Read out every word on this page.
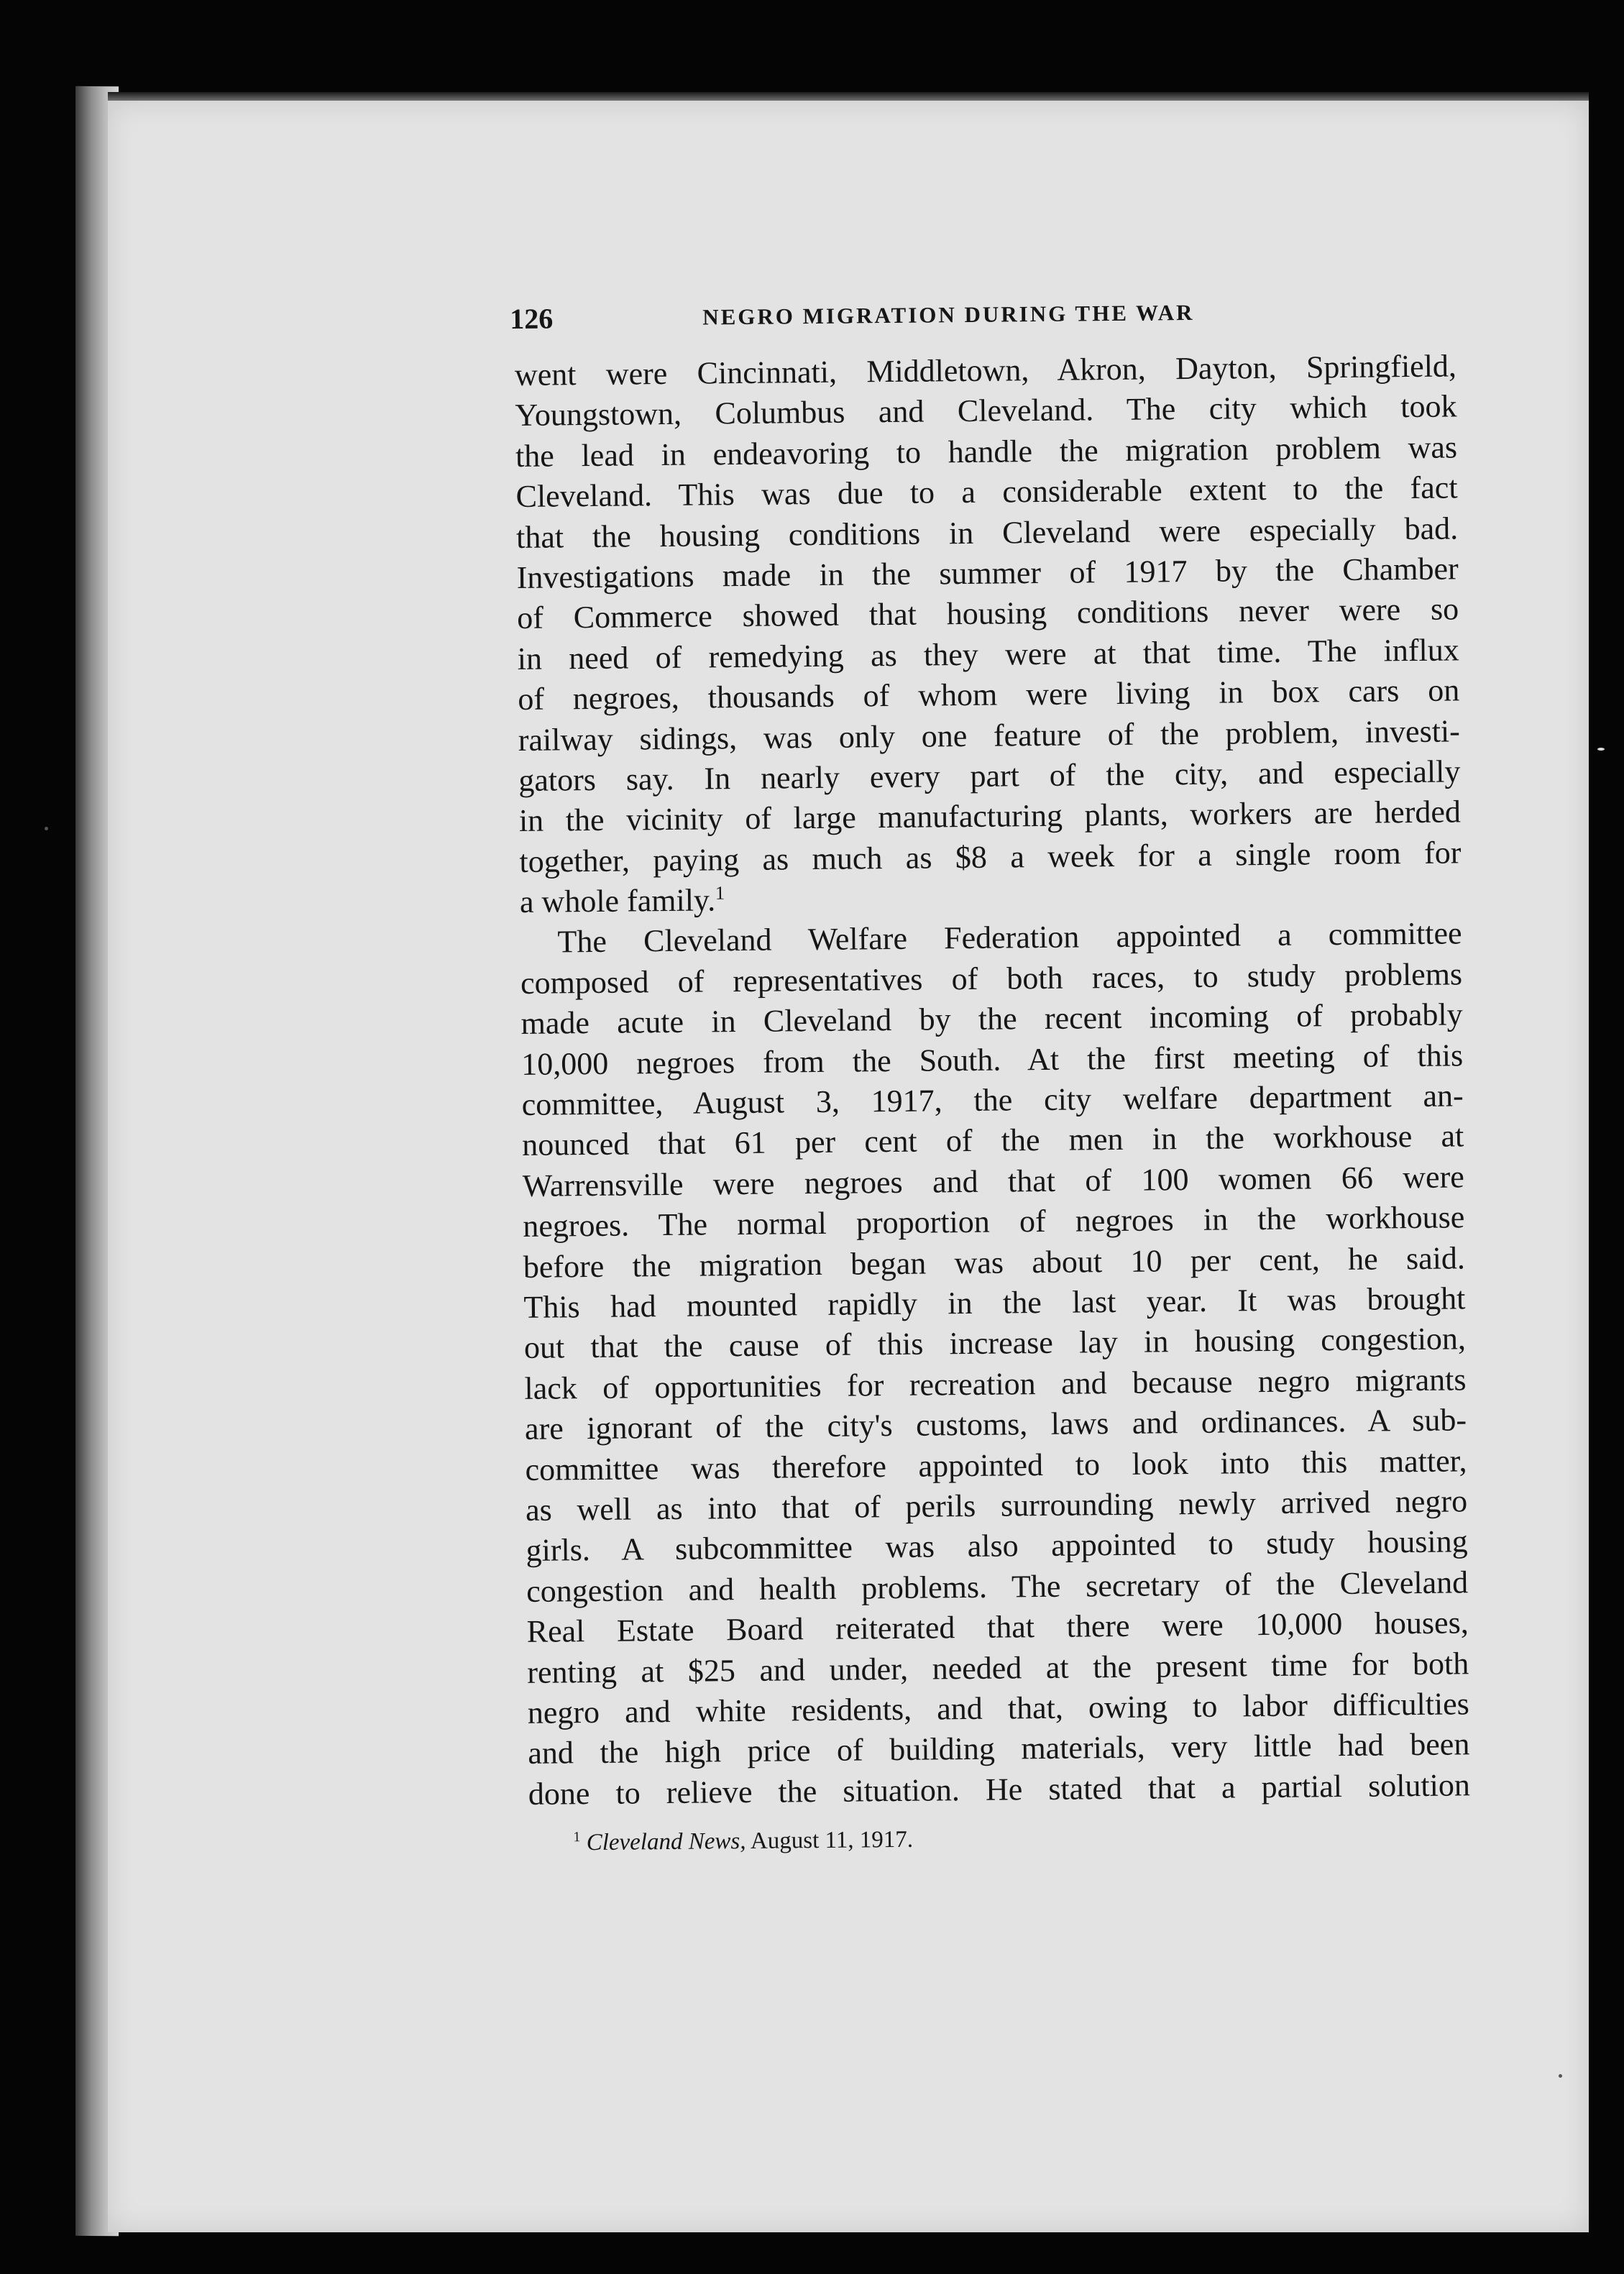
126	NEGRO MIGRATION DURING THE WAR
went were Cincinnati, Middletown, Akron, Dayton, Springfield,
Youngstown, Columbus and Cleveland. The city which took
the lead in endeavoring to handle the migration problem was
Cleveland. This was due to a considerable extent to the fact
that the housing conditions in Cleveland were especially bad.
Investigations made in the summer of 1917 by the Chamber
of Commerce showed that housing conditions never were so
in need of remedying as they were at that time. The influx
of negroes, thousands of whom were living in box cars on
railway sidings, was only one feature of the problem, investi-
gators say. In nearly every part of the city, and especially
in the vicinity of large manufacturing plants, workers are herded
together, paying as much as $8 a week for a single room for
a whole family.$^1$
The Cleveland Welfare Federation appointed a committee
composed of representatives of both races, to study problems
made acute in Cleveland by the recent incoming of probably
10,000 negroes from the South. At the first meeting of this
committee, August 3, 1917, the city welfare department an-
nounced that 61 per cent of the men in the workhouse at
Warrensville were negroes and that of 100 women 66 were
negroes. The normal proportion of negroes in the workhouse
before the migration began was about 10 per cent, he said.
This had mounted rapidly in the last year. It was brought
out that the cause of this increase lay in housing congestion,
lack of opportunities for recreation and because negro migrants
are ignorant of the city's customs, laws and ordinances. A sub-
committee was therefore appointed to look into this matter,
as well as into that of perils surrounding newly arrived negro
girls. A subcommittee was also appointed to study housing
congestion and health problems. The secretary of the Cleveland
Real Estate Board reiterated that there were 10,000 houses,
renting at $25 and under, needed at the present time for both
negro and white residents, and that, owing to labor difficulties
and the high price of building materials, very little had been
done to relieve the situation. He stated that a partial solution
$^1$ Cleveland News, August 11, 1917.
